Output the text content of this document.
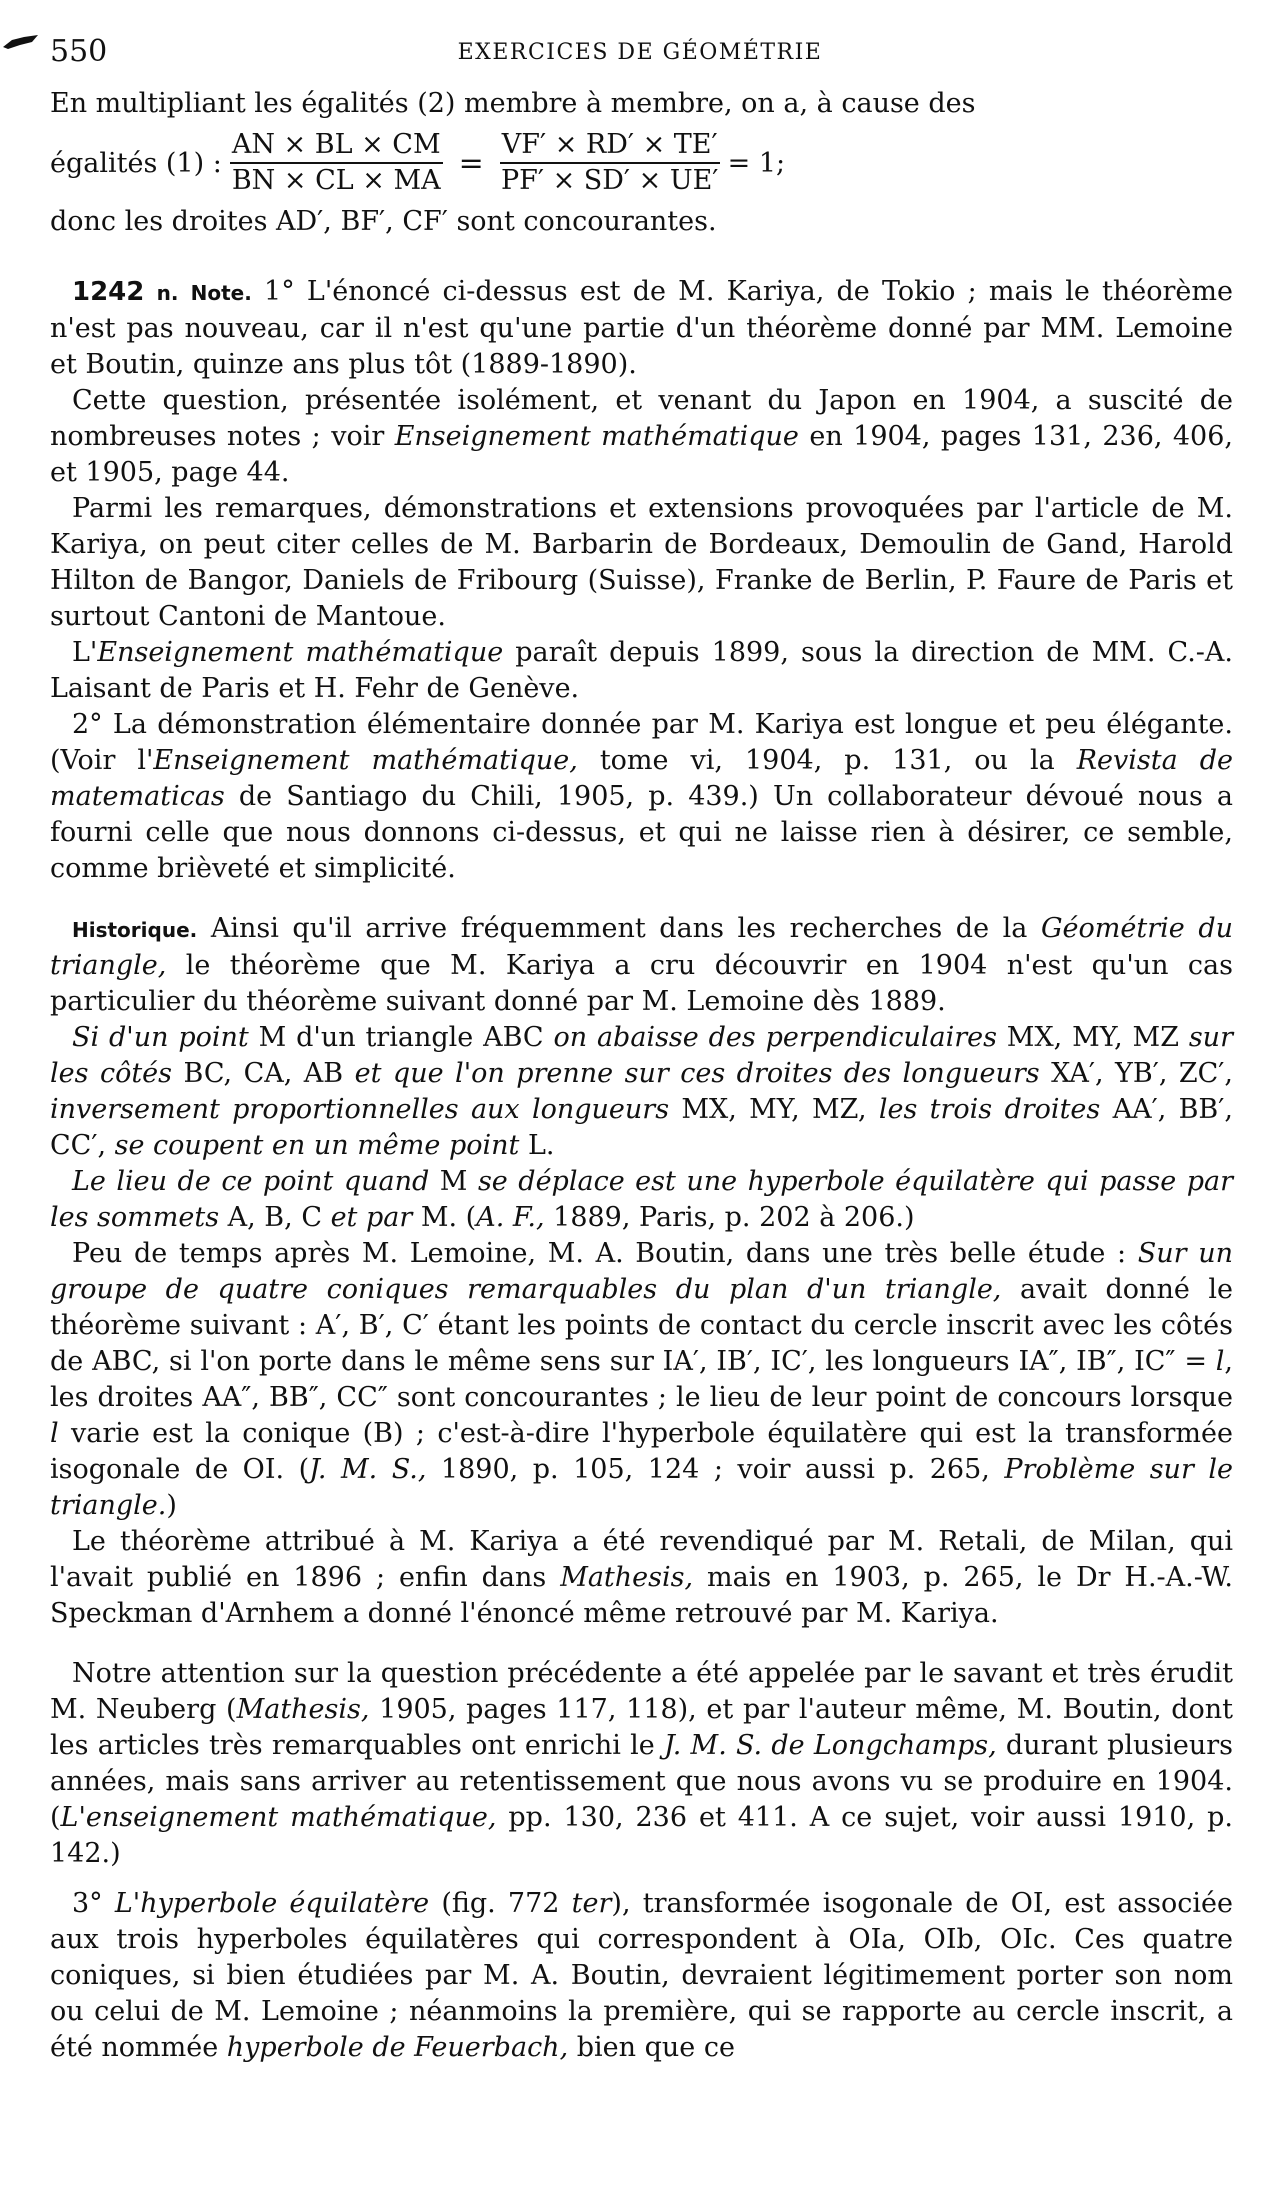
550	EXERCICES DE GÉOMÉTRIE

En multipliant les égalités (2) membre à membre, on a, à cause des

égalités (1) : $\frac{AN \times BL \times CM}{BN \times CL \times MA} = \frac{VF' \times RD' \times TE'}{PF' \times SD' \times UE'} = 1$;

donc les droites AD′, BF′, CF′ sont concourantes.

1242 n. Note. 1° L'énoncé ci-dessus est de M. Kariya, de Tokio ; mais le théorème n'est pas nouveau, car il n'est qu'une partie d'un théorème donné par MM. Lemoine et Boutin, quinze ans plus tôt (1889-1890).

Cette question, présentée isolément, et venant du Japon en 1904, a suscité de nombreuses notes ; voir Enseignement mathématique en 1904, pages 131, 236, 406, et 1905, page 44.

Parmi les remarques, démonstrations et extensions provoquées par l'article de M. Kariya, on peut citer celles de M. Barbarin de Bordeaux, Demoulin de Gand, Harold Hilton de Bangor, Daniels de Fribourg (Suisse), Franke de Berlin, P. Faure de Paris et surtout Cantoni de Mantoue.

L'Enseignement mathématique paraît depuis 1899, sous la direction de MM. C.-A. Laisant de Paris et H. Fehr de Genève.

2° La démonstration élémentaire donnée par M. Kariya est longue et peu élégante. (Voir l'Enseignement mathématique, tome vi, 1904, p. 131, ou la Revista de matematicas de Santiago du Chili, 1905, p. 439.) Un collaborateur dévoué nous a fourni celle que nous donnons ci-dessus, et qui ne laisse rien à désirer, ce semble, comme brièveté et simplicité.

Historique. Ainsi qu'il arrive fréquemment dans les recherches de la Géométrie du triangle, le théorème que M. Kariya a cru découvrir en 1904 n'est qu'un cas particulier du théorème suivant donné par M. Lemoine dès 1889.

Si d'un point M d'un triangle ABC on abaisse des perpendiculaires MX, MY, MZ sur les côtés BC, CA, AB et que l'on prenne sur ces droites des longueurs XA′, YB′, ZC′, inversement proportionnelles aux longueurs MX, MY, MZ, les trois droites AA′, BB′, CC′, se coupent en un même point L.

Le lieu de ce point quand M se déplace est une hyperbole équilatère qui passe par les sommets A, B, C et par M. (A. F., 1889, Paris, p. 202 à 206.)

Peu de temps après M. Lemoine, M. A. Boutin, dans une très belle étude : Sur un groupe de quatre coniques remarquables du plan d'un triangle, avait donné le théorème suivant : A′, B′, C′ étant les points de contact du cercle inscrit avec les côtés de ABC, si l'on porte dans le même sens sur IA′, IB′, IC′, les longueurs IA″, IB″, IC″ = l, les droites AA″, BB″, CC″ sont concourantes ; le lieu de leur point de concours lorsque l varie est la conique (B) ; c'est-à-dire l'hyperbole équilatère qui est la transformée isogonale de OI. (J. M. S., 1890, p. 105, 124 ; voir aussi p. 265, Problème sur le triangle.)

Le théorème attribué à M. Kariya a été revendiqué par M. Retali, de Milan, qui l'avait publié en 1896 ; enfin dans Mathesis, mais en 1903, p. 265, le Dr H.-A.-W. Speckman d'Arnhem a donné l'énoncé même retrouvé par M. Kariya.

Notre attention sur la question précédente a été appelée par le savant et très érudit M. Neuberg (Mathesis, 1905, pages 117, 118), et par l'auteur même, M. Boutin, dont les articles très remarquables ont enrichi le J. M. S. de Longchamps, durant plusieurs années, mais sans arriver au retentissement que nous avons vu se produire en 1904. (L'enseignement mathématique, pp. 130, 236 et 411. A ce sujet, voir aussi 1910, p. 142.)

3° L'hyperbole équilatère (fig. 772 ter), transformée isogonale de OI, est associée aux trois hyperboles équilatères qui correspondent à OIa, OIb, OIc. Ces quatre coniques, si bien étudiées par M. A. Boutin, devraient légitimement porter son nom ou celui de M. Lemoine ; néanmoins la première, qui se rapporte au cercle inscrit, a été nommée hyperbole de Feuerbach, bien que ce
